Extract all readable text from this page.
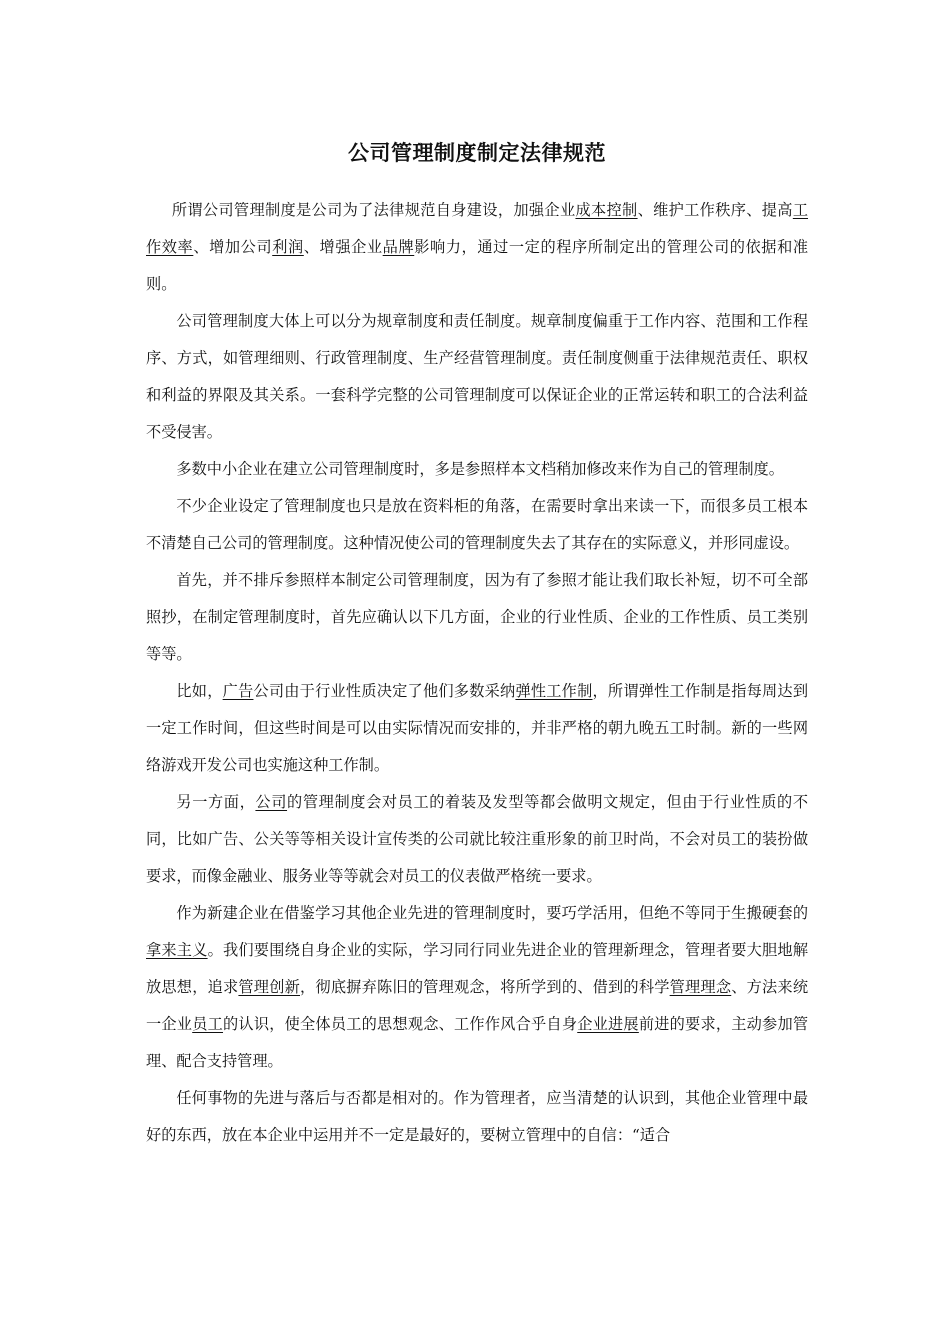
公司管理制度制定法律规范

所谓公司管理制度是公司为了法律规范自身建设，加强企业成本控制、维护工作秩序、提高工作效率、增加公司利润、增强企业品牌影响力，通过一定的程序所制定出的管理公司的依据和准则。

公司管理制度大体上可以分为规章制度和责任制度。规章制度偏重于工作内容、范围和工作程序、方式，如管理细则、行政管理制度、生产经营管理制度。责任制度侧重于法律规范责任、职权和利益的界限及其关系。一套科学完整的公司管理制度可以保证企业的正常运转和职工的合法利益不受侵害。

多数中小企业在建立公司管理制度时，多是参照样本文档稍加修改来作为自己的管理制度。

不少企业设定了管理制度也只是放在资料柜的角落，在需要时拿出来读一下，而很多员工根本不清楚自己公司的管理制度。这种情况使公司的管理制度失去了其存在的实际意义，并形同虚设。

首先，并不排斥参照样本制定公司管理制度，因为有了参照才能让我们取长补短，切不可全部照抄，在制定管理制度时，首先应确认以下几方面，企业的行业性质、企业的工作性质、员工类别等等。

比如，广告公司由于行业性质决定了他们多数采纳弹性工作制，所谓弹性工作制是指每周达到一定工作时间，但这些时间是可以由实际情况而安排的，并非严格的朝九晚五工时制。新的一些网络游戏开发公司也实施这种工作制。

另一方面，公司的管理制度会对员工的着装及发型等都会做明文规定，但由于行业性质的不同，比如广告、公关等等相关设计宣传类的公司就比较注重形象的前卫时尚，不会对员工的装扮做要求，而像金融业、服务业等等就会对员工的仪表做严格统一要求。

作为新建企业在借鉴学习其他企业先进的管理制度时，要巧学活用，但绝不等同于生搬硬套的拿来主义。我们要围绕自身企业的实际，学习同行同业先进企业的管理新理念，管理者要大胆地解放思想，追求管理创新，彻底摒弃陈旧的管理观念，将所学到的、借到的科学管理理念、方法来统一企业员工的认识，使全体员工的思想观念、工作作风合乎自身企业进展前进的要求，主动参加管理、配合支持管理。

任何事物的先进与落后与否都是相对的。作为管理者，应当清楚的认识到，其他企业管理中最好的东西，放在本企业中运用并不一定是最好的，要树立管理中的自信：“适合
